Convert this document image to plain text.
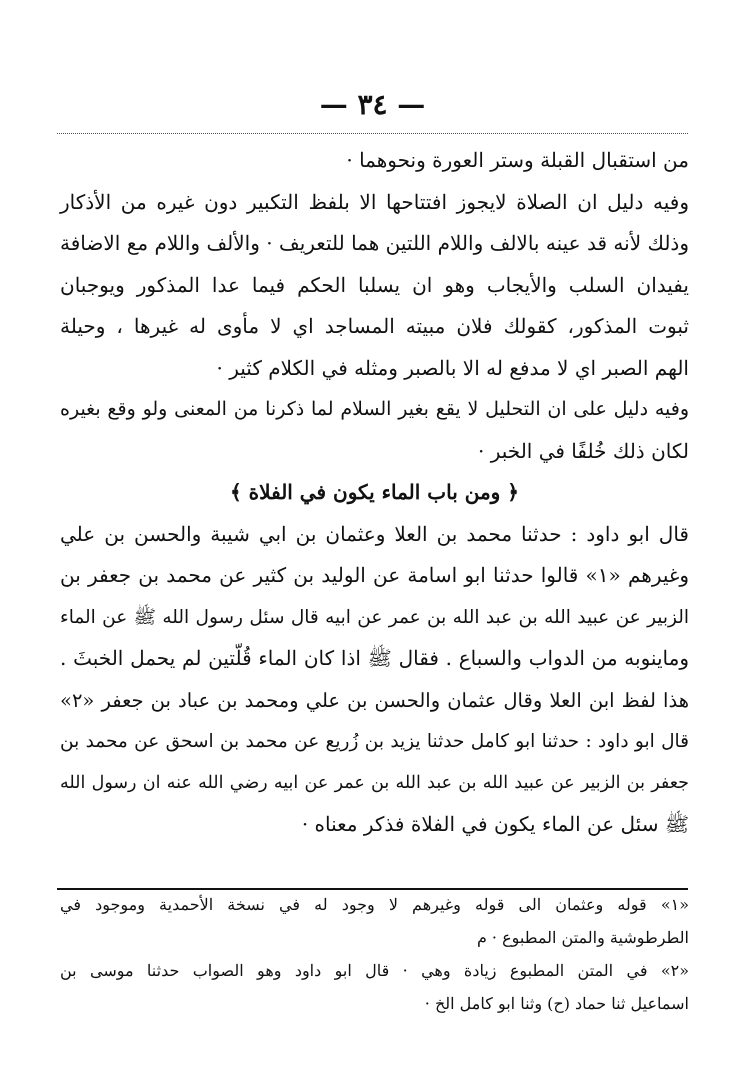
— ٣٤ —
من استقبال القبلة وستر العورة ونحوهما ·
وفيه دليل ان الصلاة لايجوز افتتاحها الا بلفظ التكبير دون غيره من الأذكار
وذلك لأنه قد عينه بالالف واللام اللتين هما للتعريف · والألف واللام مع الاضافة
يفيدان السلب والأيجاب وهو ان يسلبا الحكم فيما عدا المذكور ويوجبان
ثبوت المذكور، كقولك فلان مبيته المساجد اي لا مأوى له غيرها ، وحيلة
الهم الصبر اي لا مدفع له الا بالصبر ومثله في الكلام كثير ·
وفيه دليل على ان التحليل لا يقع بغير السلام لما ذكرنا من المعنى ولو وقع بغيره
لكان ذلك خُلفًا في الخبر ·
﴿ ومن باب الماء يكون في الفلاة ﴾
قال ابو داود : حدثنا محمد بن العلا وعثمان بن ابي شيبة والحسن بن علي
وغيرهم «١» قالوا حدثنا ابو اسامة عن الوليد بن كثير عن محمد بن جعفر بن
الزبير عن عبيد الله بن عبد الله بن عمر عن ابيه قال سئل رسول الله ﷺ عن الماء
وماينوبه من الدواب والسباع . فقال ﷺ اذا كان الماء قُلّتين لم يحمل الخبثَ .
هذا لفظ ابن العلا وقال عثمان والحسن بن علي ومحمد بن عباد بن جعفر «٢»
قال ابو داود : حدثنا ابو كامل حدثنا يزيد بن زُريع عن محمد بن اسحق عن محمد بن
جعفر بن الزبير عن عبيد الله بن عبد الله بن عمر عن ابيه رضي الله عنه ان رسول الله
ﷺ سئل عن الماء يكون في الفلاة فذكر معناه ·
«١» قوله وعثمان الى قوله وغيرهم لا وجود له في نسخة الأحمدية وموجود في
الطرطوشية والمتن المطبوع · م
«٢» في المتن المطبوع زيادة وهي · قال ابو داود وهو الصواب حدثنا موسى بن
اسماعيل ثنا حماد (ح) وثنا ابو كامل الخ ·
